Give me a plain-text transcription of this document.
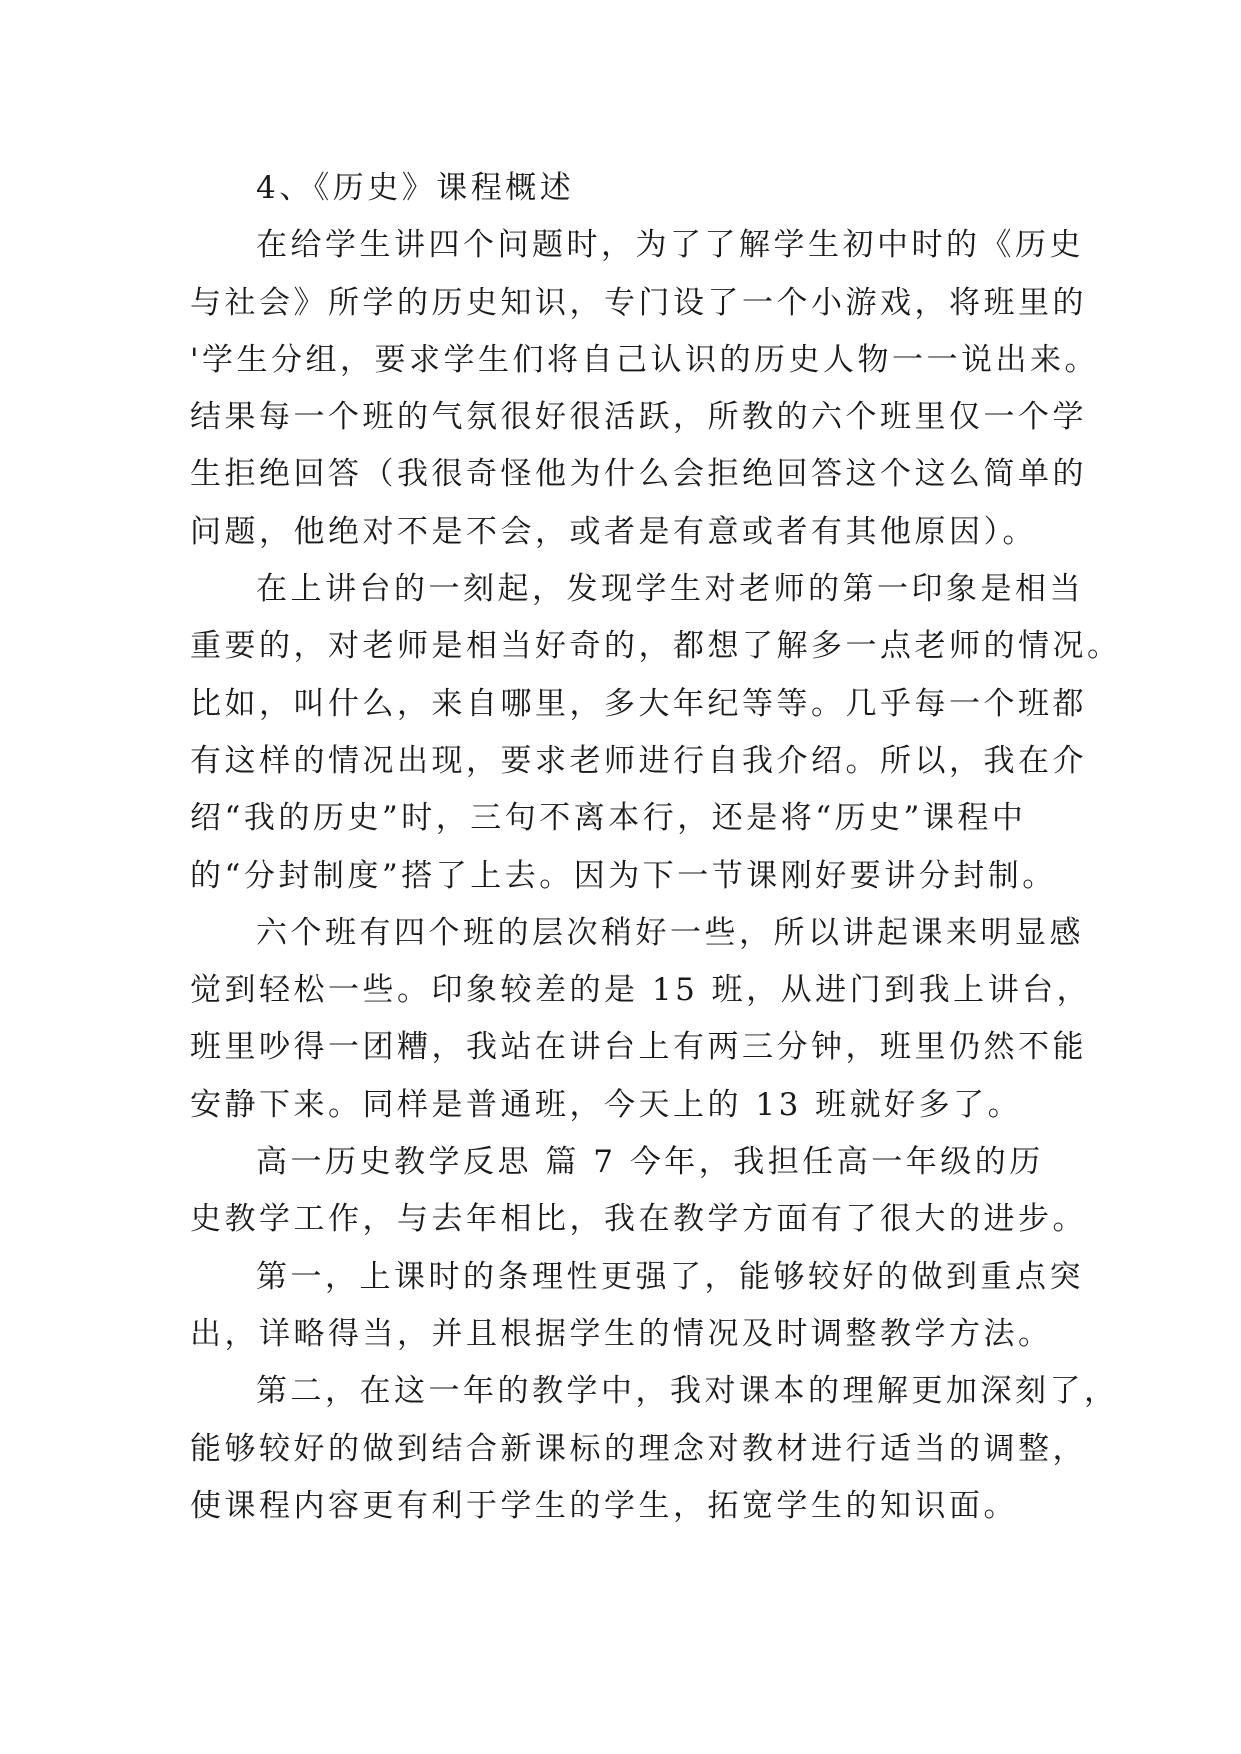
4、《历史》课程概述
在给学生讲四个问题时，为了了解学生初中时的《历史
与社会》所学的历史知识，专门设了一个小游戏，将班里的
'学生分组，要求学生们将自己认识的历史人物一一说出来。
结果每一个班的气氛很好很活跃，所教的六个班里仅一个学
生拒绝回答（我很奇怪他为什么会拒绝回答这个这么简单的
问题，他绝对不是不会，或者是有意或者有其他原因）。
在上讲台的一刻起，发现学生对老师的第一印象是相当
重要的，对老师是相当好奇的，都想了解多一点老师的情况。
比如，叫什么，来自哪里，多大年纪等等。几乎每一个班都
有这样的情况出现，要求老师进行自我介绍。所以，我在介
绍“我的历史”时，三句不离本行，还是将“历史”课程中
的“分封制度”搭了上去。因为下一节课刚好要讲分封制。
六个班有四个班的层次稍好一些，所以讲起课来明显感
觉到轻松一些。印象较差的是 15 班，从进门到我上讲台，
班里吵得一团糟，我站在讲台上有两三分钟，班里仍然不能
安静下来。同样是普通班，今天上的 13 班就好多了。
高一历史教学反思 篇 7 今年，我担任高一年级的历
史教学工作，与去年相比，我在教学方面有了很大的进步。
第一，上课时的条理性更强了，能够较好的做到重点突
出，详略得当，并且根据学生的情况及时调整教学方法。
第二，在这一年的教学中，我对课本的理解更加深刻了，
能够较好的做到结合新课标的理念对教材进行适当的调整，
使课程内容更有利于学生的学生，拓宽学生的知识面。
